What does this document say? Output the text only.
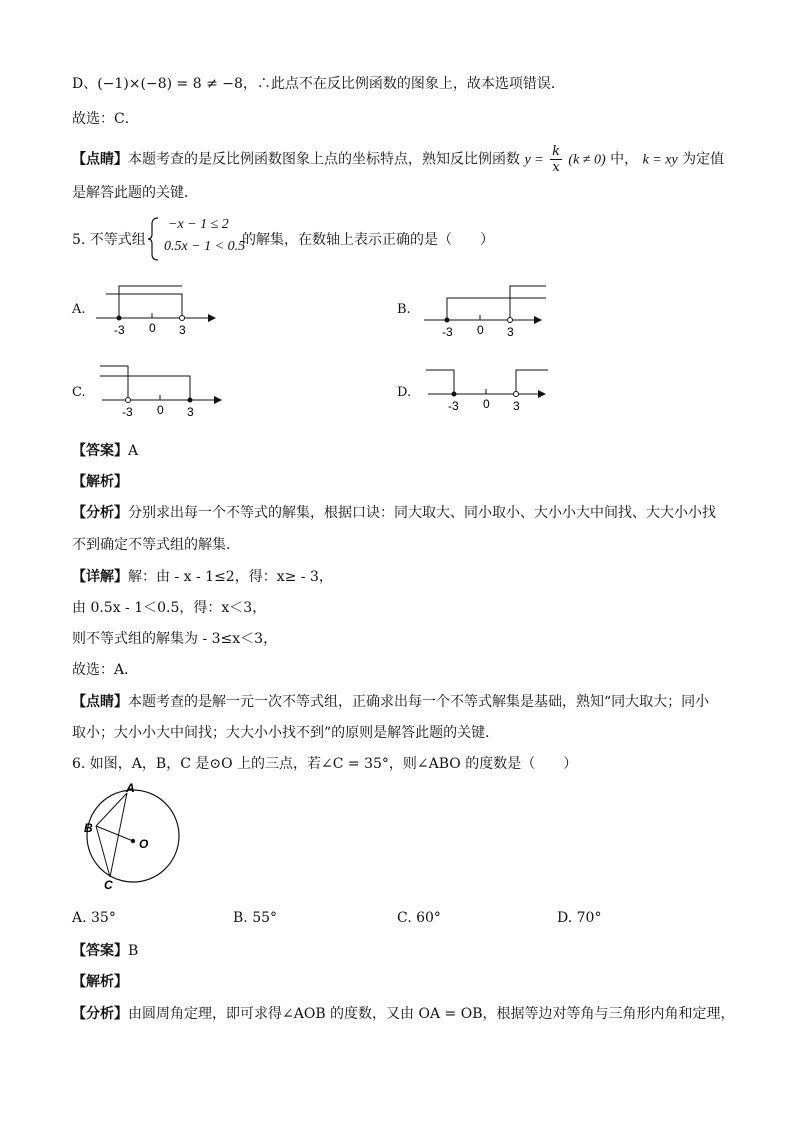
D、(−1)×(−8) = 8 ≠ −8，∴此点不在反比例函数的图象上，故本选项错误．
故选：C．
【点睛】本题考查的是反比例函数图象上点的坐标特点，熟知反比例函数 $y = \frac{k}{x} (k \ne 0)$ 中， k = xy 为定值
是解答此题的关键．
5. 不等式组
−x − 1 ≤ 2
0.5x − 1 < 0.5
的解集，在数轴上表示正确的是（　　）
A.
-3 0 3
B.
-3 0 3
C.
-3 0 3
D.
-3 0 3
【答案】A
【解析】
【分析】分别求出每一个不等式的解集，根据口诀：同大取大、同小取小、大小小大中间找、大大小小找
不到确定不等式组的解集．
【详解】解：由 - x - 1≤2，得：x≥ - 3，
由 0.5x - 1＜0.5，得：x＜3，
则不等式组的解集为 - 3≤x＜3，
故选：A．
【点睛】本题考查的是解一元一次不等式组，正确求出每一个不等式解集是基础，熟知“同大取大；同小
取小；大小小大中间找；大大小小找不到”的原则是解答此题的关键．
6. 如图，A，B，C 是⊙O 上的三点，若∠C = 35°，则∠ABO 的度数是（　　）
A
B
C
O
A. 35°	B. 55°	C. 60°	D. 70°
【答案】B
【解析】
【分析】由圆周角定理，即可求得∠AOB 的度数，又由 OA = OB，根据等边对等角与三角形内角和定理，
